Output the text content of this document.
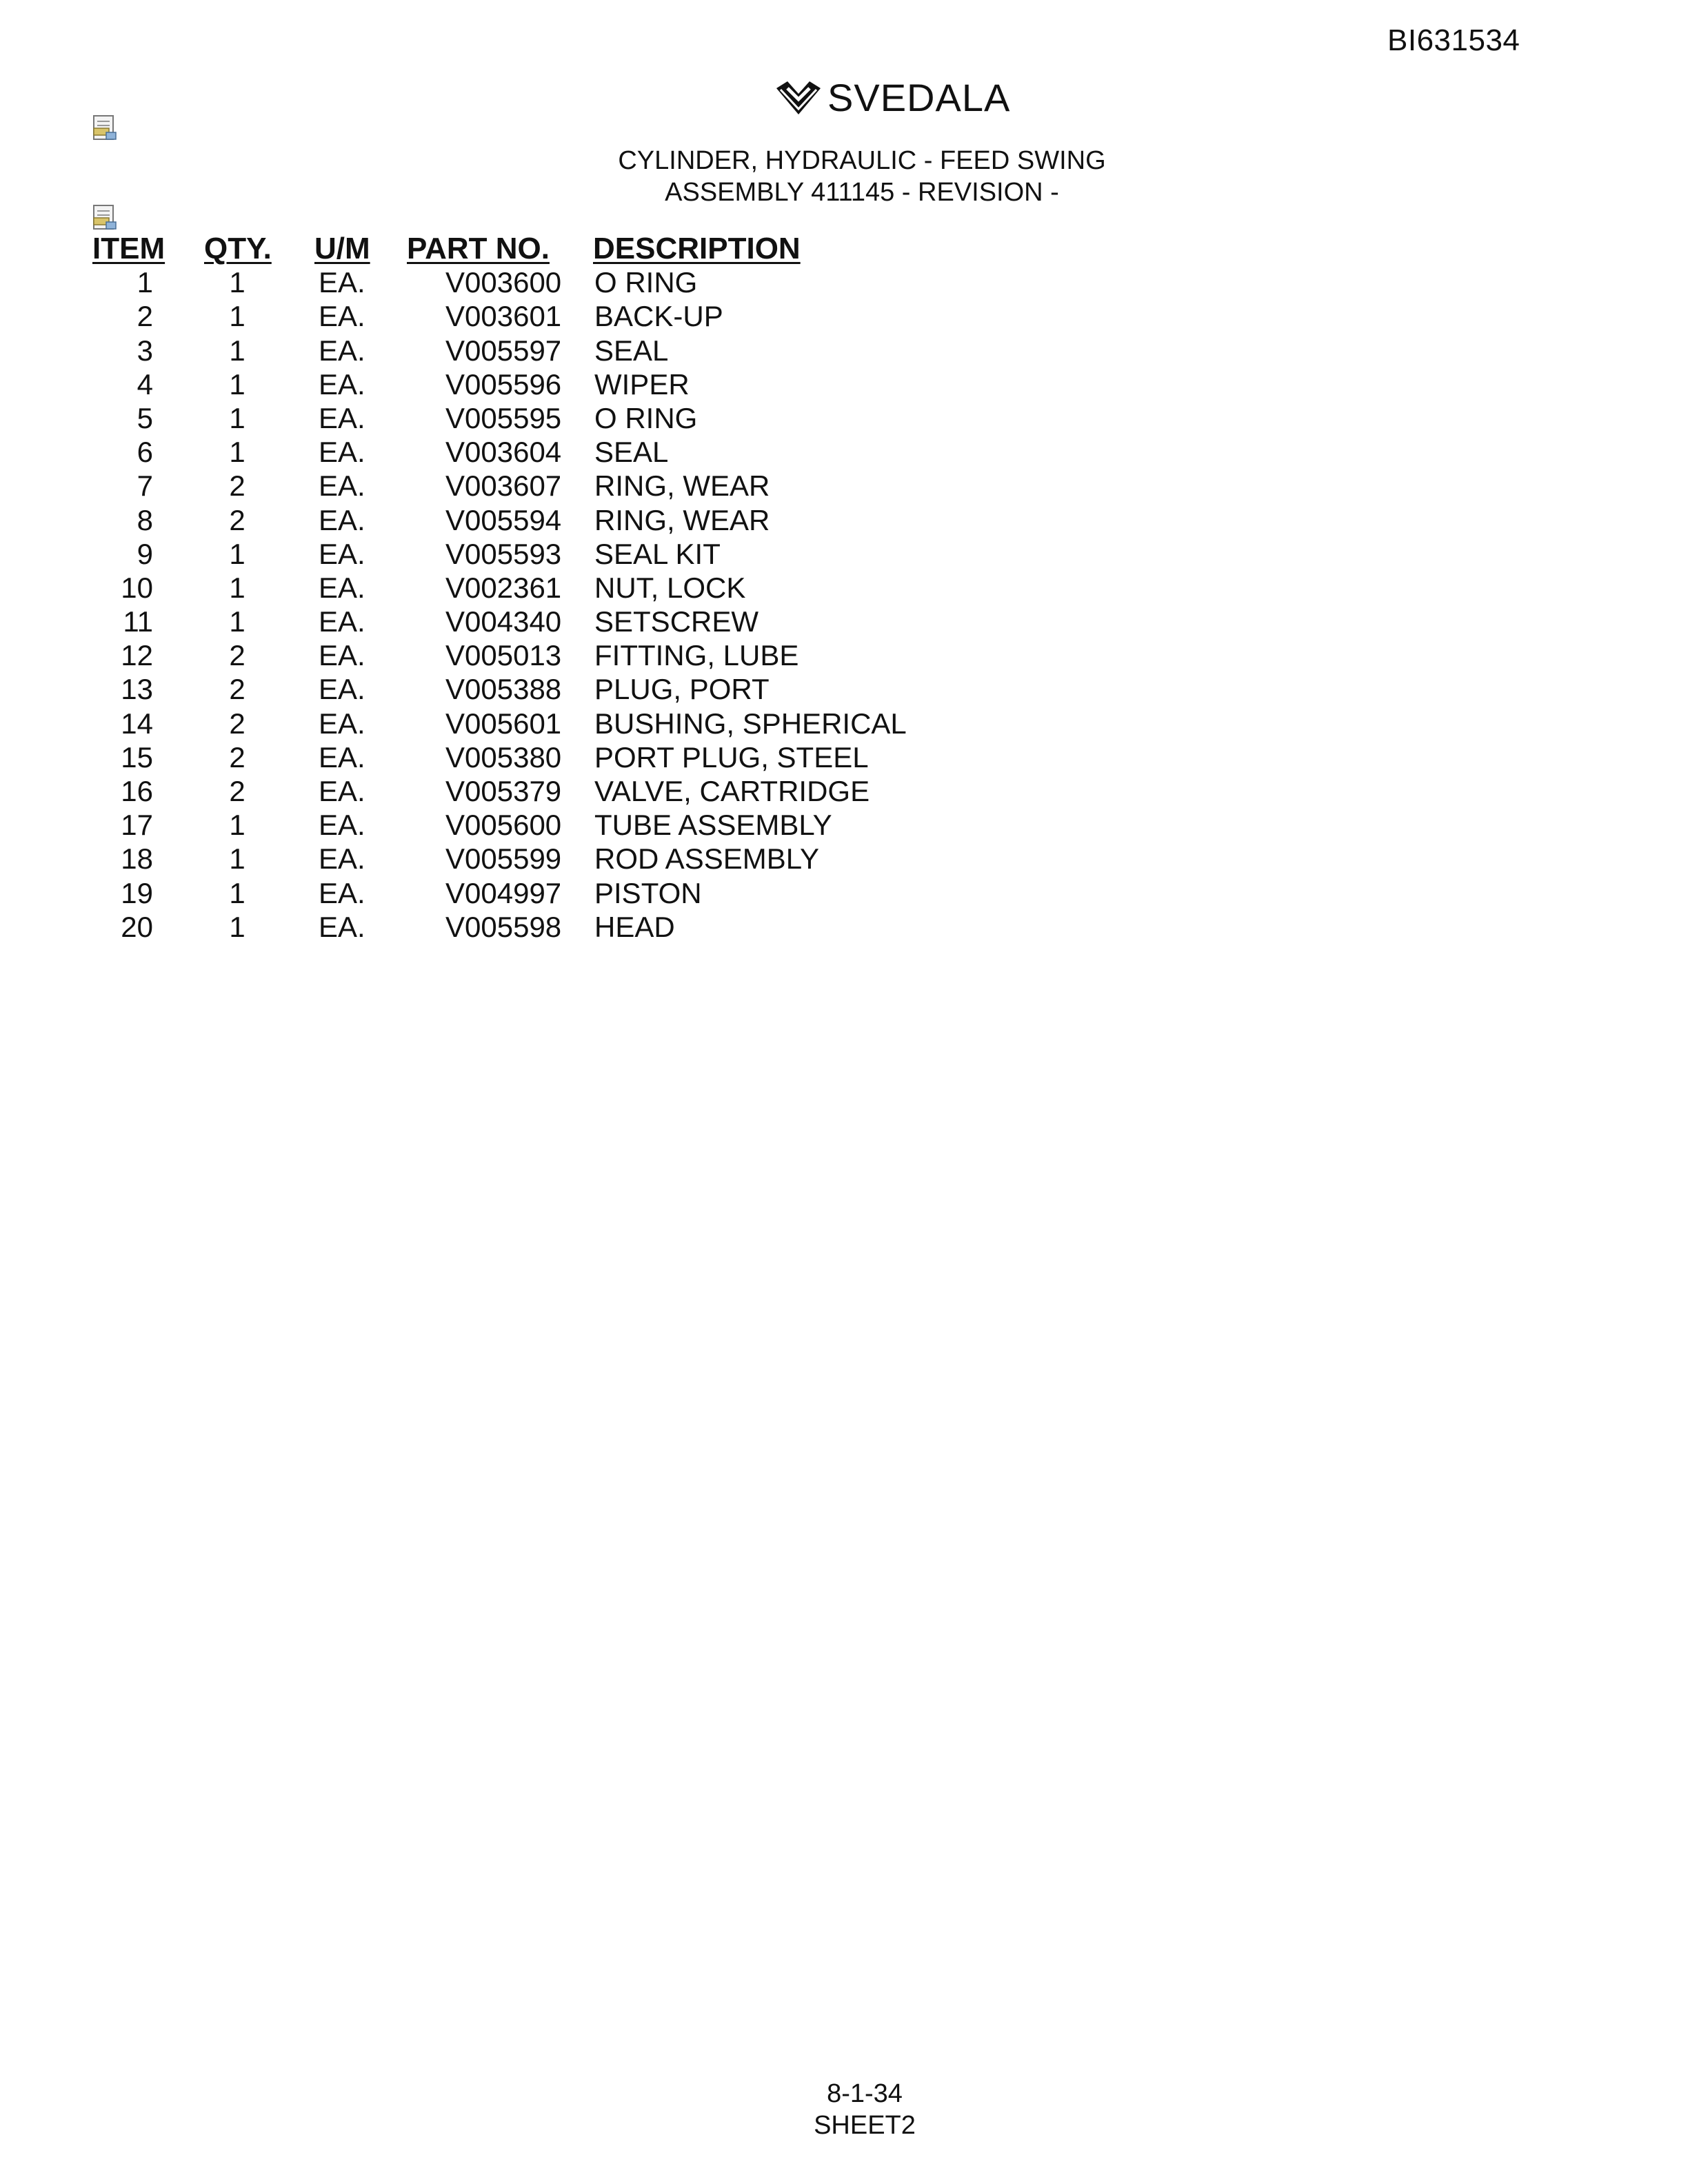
BI631534
SVEDALA
CYLINDER, HYDRAULIC - FEED SWING
ASSEMBLY 411145 - REVISION -
ITEM QTY. U/M PART NO. DESCRIPTION
1	1	EA.	V003600 O RING
2	1	EA.	V003601 BACK-UP
3	1	EA.	V005597 SEAL
4	1	EA.	V005596 WIPER
5	1	EA.	V005595 O RING
6	1	EA.	V003604 SEAL
7	2	EA.	V003607 RING, WEAR
8	2	EA.	V005594 RING, WEAR
9	1	EA.	V005593 SEAL KIT
10	1	EA.	V002361 NUT, LOCK
11	1	EA.	V004340 SETSCREW
12	2	EA.	V005013 FITTING, LUBE
13	2	EA.	V005388 PLUG, PORT
14	2	EA.	V005601 BUSHING, SPHERICAL
15	2	EA.	V005380 PORT PLUG, STEEL
16	2	EA.	V005379 VALVE, CARTRIDGE
17	1	EA.	V005600 TUBE ASSEMBLY
18	1	EA.	V005599 ROD ASSEMBLY
19	1	EA.	V004997 PISTON
20	1	EA.	V005598 HEAD
8-1-34
SHEET2
